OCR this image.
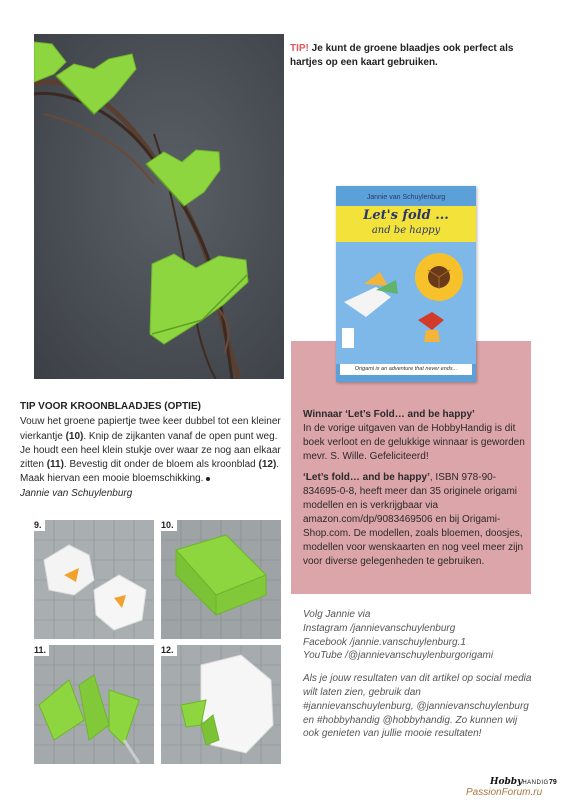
TIP! Je kunt de groene blaadjes ook perfect als hartjes op een kaart gebruiken.
Jannie van Schuylenburg
Let's fold ...
and be happy
Origami is an adventure that never ends...

Winnaar ‘Let’s Fold… and be happy’
In de vorige uitgaven van de HobbyHandig is dit boek verloot en de gelukkige winnaar is geworden mevr. S. Wille. Gefeliciteerd!

‘Let’s fold… and be happy’, ISBN 978-90-834695-0-8, heeft meer dan 35 originele origami modellen en is verkrijgbaar via amazon.com/dp/9083469506 en bij Origami-Shop.com. De modellen, zoals bloemen, doosjes, modellen voor wenskaarten en nog veel meer zijn voor diverse gelegenheden te gebruiken.

TIP VOOR KROONBLAADJES (OPTIE)

Vouw het groene papiertje twee keer dubbel tot een kleiner vierkantje (10). Knip de zijkanten vanaf de open punt weg. Je houdt een heel klein stukje over waar ze nog aan elkaar zitten (11). Bevestig dit onder de bloem als kroonblad (12). Maak hiervan een mooie bloemschikking.

Jannie van Schuylenburg

9.	10.
11.	12.

Volg Jannie via
Instagram /jannievanschuylenburg
Facebook /jannie.vanschuylenburg.1
YouTube /@jannievanschuylenburgorigami

Als je jouw resultaten van dit artikel op social media wilt laten zien, gebruik dan #jannievanschuylenburg, @jannievanschuylenburg en #hobbyhandig @hobbyhandig. Zo kunnen wij ook genieten van jullie mooie resultaten!

HobbyHANDIG 79
PassionForum.ru
